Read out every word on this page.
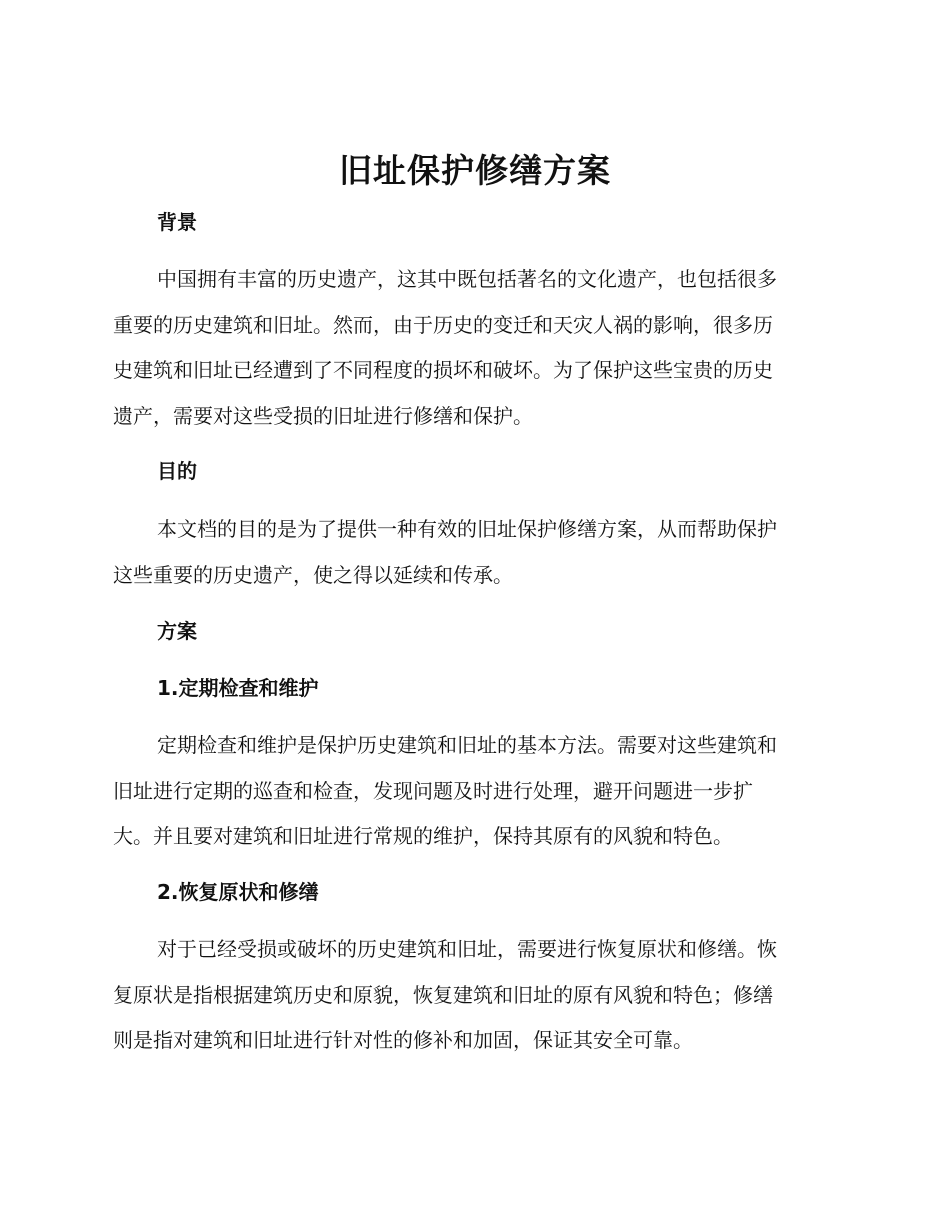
旧址保护修缮方案
背景
中国拥有丰富的历史遗产，这其中既包括著名的文化遗产，也包括很多
重要的历史建筑和旧址。然而，由于历史的变迁和天灾人祸的影响，很多历
史建筑和旧址已经遭到了不同程度的损坏和破坏。为了保护这些宝贵的历史
遗产，需要对这些受损的旧址进行修缮和保护。
目的
本文档的目的是为了提供一种有效的旧址保护修缮方案，从而帮助保护
这些重要的历史遗产，使之得以延续和传承。
方案
1.定期检查和维护
定期检查和维护是保护历史建筑和旧址的基本方法。需要对这些建筑和
旧址进行定期的巡查和检查，发现问题及时进行处理，避开问题进一步扩
大。并且要对建筑和旧址进行常规的维护，保持其原有的风貌和特色。
2.恢复原状和修缮
对于已经受损或破坏的历史建筑和旧址，需要进行恢复原状和修缮。恢
复原状是指根据建筑历史和原貌，恢复建筑和旧址的原有风貌和特色；修缮
则是指对建筑和旧址进行针对性的修补和加固，保证其安全可靠。
